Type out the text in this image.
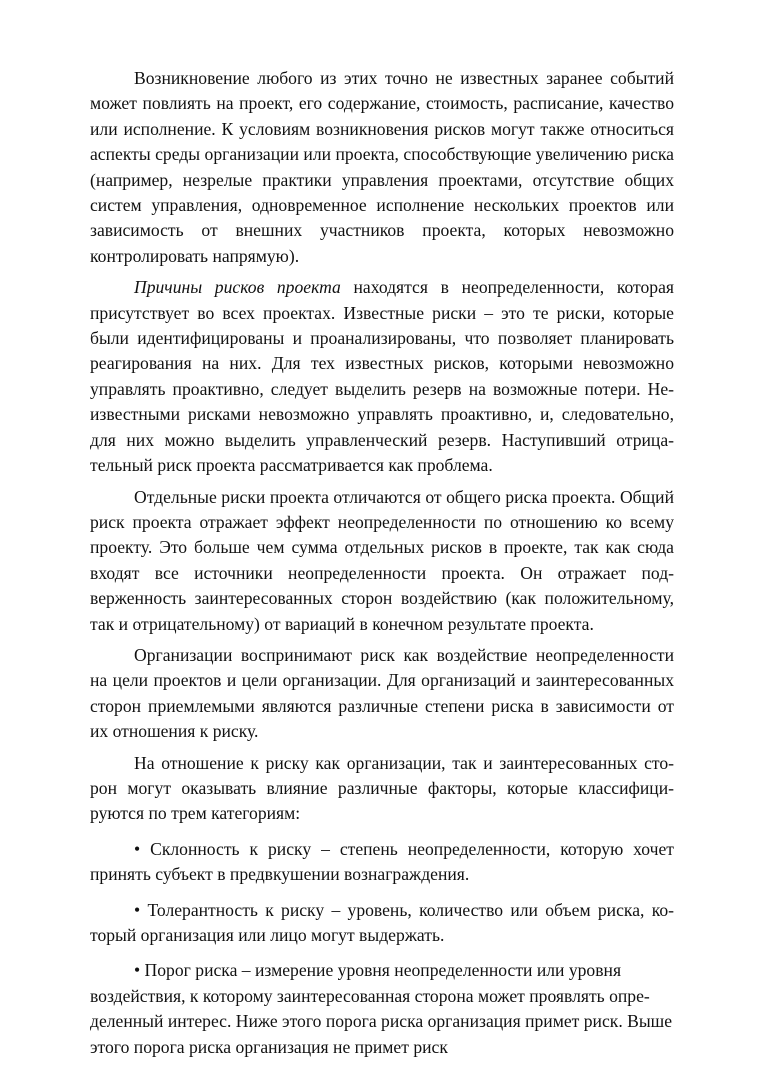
Возникновение любого из этих точно не известных заранее событий может повлиять на проект, его содержание, стоимость, расписание, качество или исполнение. К условиям возникновения рисков могут также относиться аспекты среды организации или проекта, способствующие увеличению риска (например, незрелые практики управления проектами, отсутствие общих систем управления, одновременное исполнение нескольких проектов или зависимость от внешних участников проекта, которых невозможно контролировать напрямую).

Причины рисков проекта находятся в неопределенности, которая присутствует во всех проектах. Известные риски – это те риски, которые были идентифицированы и проанализированы, что позволяет планировать реагирования на них. Для тех известных рисков, которыми невозможно управлять проактивно, следует выделить резерв на возможные потери. Неизвестными рисками невозможно управлять проактивно, и, следовательно, для них можно выделить управленческий резерв. Наступивший отрицательный риск проекта рассматривается как проблема.

Отдельные риски проекта отличаются от общего риска проекта. Общий риск проекта отражает эффект неопределенности по отношению ко всему проекту. Это больше чем сумма отдельных рисков в проекте, так как сюда входят все источники неопределенности проекта. Он отражает подверженность заинтересованных сторон воздействию (как положительному, так и отрицательному) от вариаций в конечном результате проекта.

Организации воспринимают риск как воздействие неопределенности на цели проектов и цели организации. Для организаций и заинтересованных сторон приемлемыми являются различные степени риска в зависимости от их отношения к риску.

На отношение к риску как организации, так и заинтересованных сторон могут оказывать влияние различные факторы, которые классифицируются по трем категориям:

• Склонность к риску – степень неопределенности, которую хочет принять субъект в предвкушении вознаграждения.

• Толерантность к риску – уровень, количество или объем риска, который организация или лицо могут выдержать.

• Порог риска – измерение уровня неопределенности или уровня воздействия, к которому заинтересованная сторона может проявлять определенный интерес. Ниже этого порога риска организация примет риск. Выше этого порога риска организация не примет риск
